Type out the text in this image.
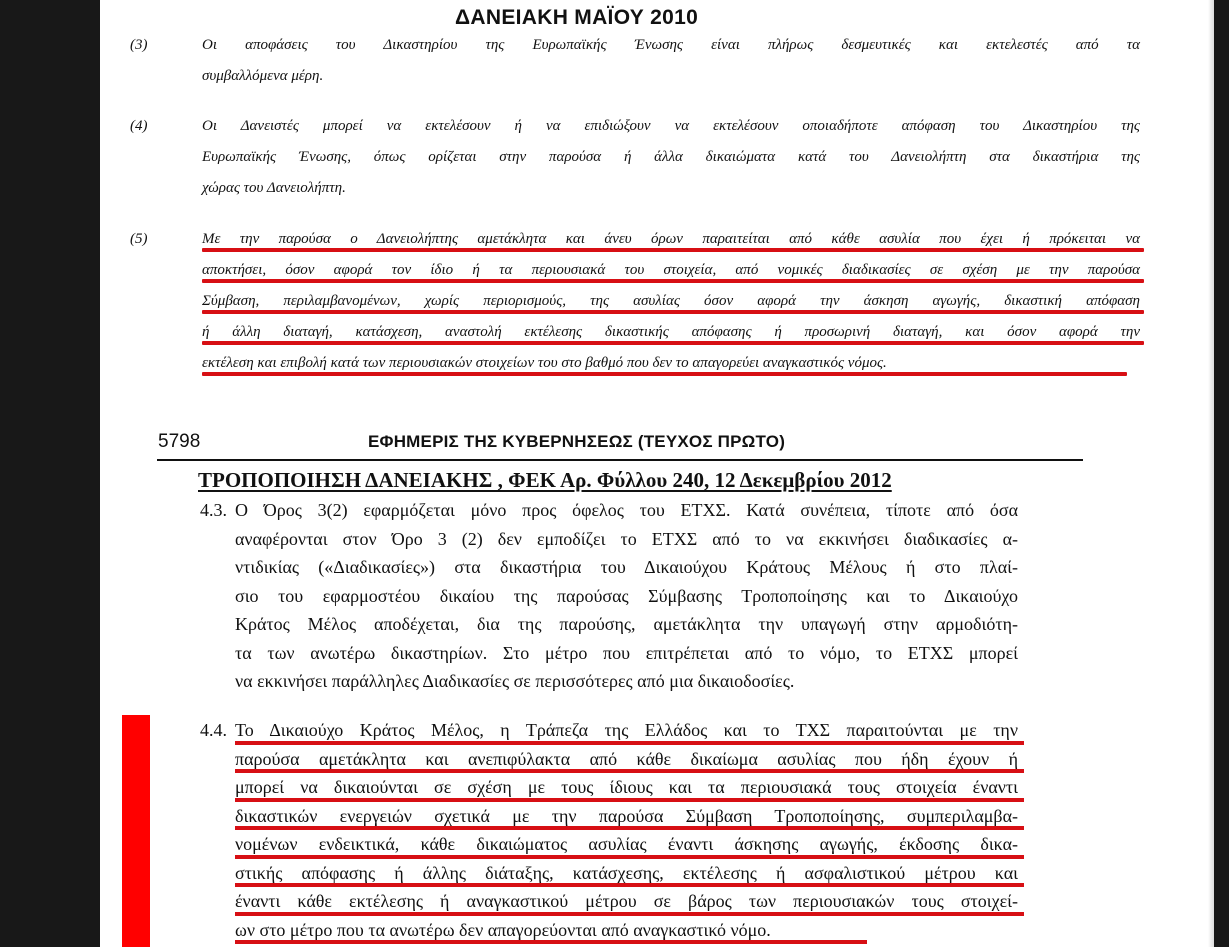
ΔΑΝΕΙΑΚΗ ΜΑΪΟΥ 2010
(3)	Οι αποφάσεις του Δικαστηρίου της Ευρωπαϊκής Ένωσης είναι πλήρως δεσμευτικές και εκτελεστές από τα
συμβαλλόμενα μέρη.
(4)	Οι Δανειστές μπορεί να εκτελέσουν ή να επιδιώξουν να εκτελέσουν οποιαδήποτε απόφαση του Δικαστηρίου της
Ευρωπαϊκής Ένωσης, όπως ορίζεται στην παρούσα ή άλλα δικαιώματα κατά του Δανειολήπτη στα δικαστήρια της
χώρας του Δανειολήπτη.
(5)	Με την παρούσα ο Δανειολήπτης αμετάκλητα και άνευ όρων παραιτείται από κάθε ασυλία που έχει ή πρόκειται να
αποκτήσει, όσον αφορά τον ίδιο ή τα περιουσιακά του στοιχεία, από νομικές διαδικασίες σε σχέση με την παρούσα
Σύμβαση, περιλαμβανομένων, χωρίς περιορισμούς, της ασυλίας όσον αφορά την άσκηση αγωγής, δικαστική απόφαση
ή άλλη διαταγή, κατάσχεση, αναστολή εκτέλεσης δικαστικής απόφασης ή προσωρινή διαταγή, και όσον αφορά την
εκτέλεση και επιβολή κατά των περιουσιακών στοιχείων του στο βαθμό που δεν το απαγορεύει αναγκαστικός νόμος.
5798	ΕΦΗΜΕΡΙΣ ΤΗΣ ΚΥΒΕΡΝΗΣΕΩΣ (ΤΕΥΧΟΣ ΠΡΩΤΟ)
ΤΡΟΠΟΠΟΙΗΣΗ ΔΑΝΕΙΑΚΗΣ , ΦΕΚ Αρ. Φύλλου 240, 12 Δεκεμβρίου 2012
4.3. Ο Όρος 3(2) εφαρμόζεται μόνο προς όφελος του ΕΤΧΣ. Κατά συνέπεια, τίποτε από όσα
αναφέρονται στον Όρο 3 (2) δεν εμποδίζει το ΕΤΧΣ από το να εκκινήσει διαδικασίες α-
ντιδικίας («Διαδικασίες») στα δικαστήρια του Δικαιούχου Κράτους Μέλους ή στο πλαί-
σιο του εφαρμοστέου δικαίου της παρούσας Σύμβασης Τροποποίησης και το Δικαιούχο
Κράτος Μέλος αποδέχεται, δια της παρούσης, αμετάκλητα την υπαγωγή στην αρμοδιότη-
τα των ανωτέρω δικαστηρίων. Στο μέτρο που επιτρέπεται από το νόμο, το ΕΤΧΣ μπορεί
να εκκινήσει παράλληλες Διαδικασίες σε περισσότερες από μια δικαιοδοσίες.
4.4. Το Δικαιούχο Κράτος Μέλος, η Τράπεζα της Ελλάδος και το ΤΧΣ παραιτούνται με την
παρούσα αμετάκλητα και ανεπιφύλακτα από κάθε δικαίωμα ασυλίας που ήδη έχουν ή
μπορεί να δικαιούνται σε σχέση με τους ίδιους και τα περιουσιακά τους στοιχεία έναντι
δικαστικών ενεργειών σχετικά με την παρούσα Σύμβαση Τροποποίησης, συμπεριλαμβα-
νομένων ενδεικτικά, κάθε δικαιώματος ασυλίας έναντι άσκησης αγωγής, έκδοσης δικα-
στικής απόφασης ή άλλης διάταξης, κατάσχεσης, εκτέλεσης ή ασφαλιστικού μέτρου και
έναντι κάθε εκτέλεσης ή αναγκαστικού μέτρου σε βάρος των περιουσιακών τους στοιχεί-
ων στο μέτρο που τα ανωτέρω δεν απαγορεύονται από αναγκαστικό νόμο.
